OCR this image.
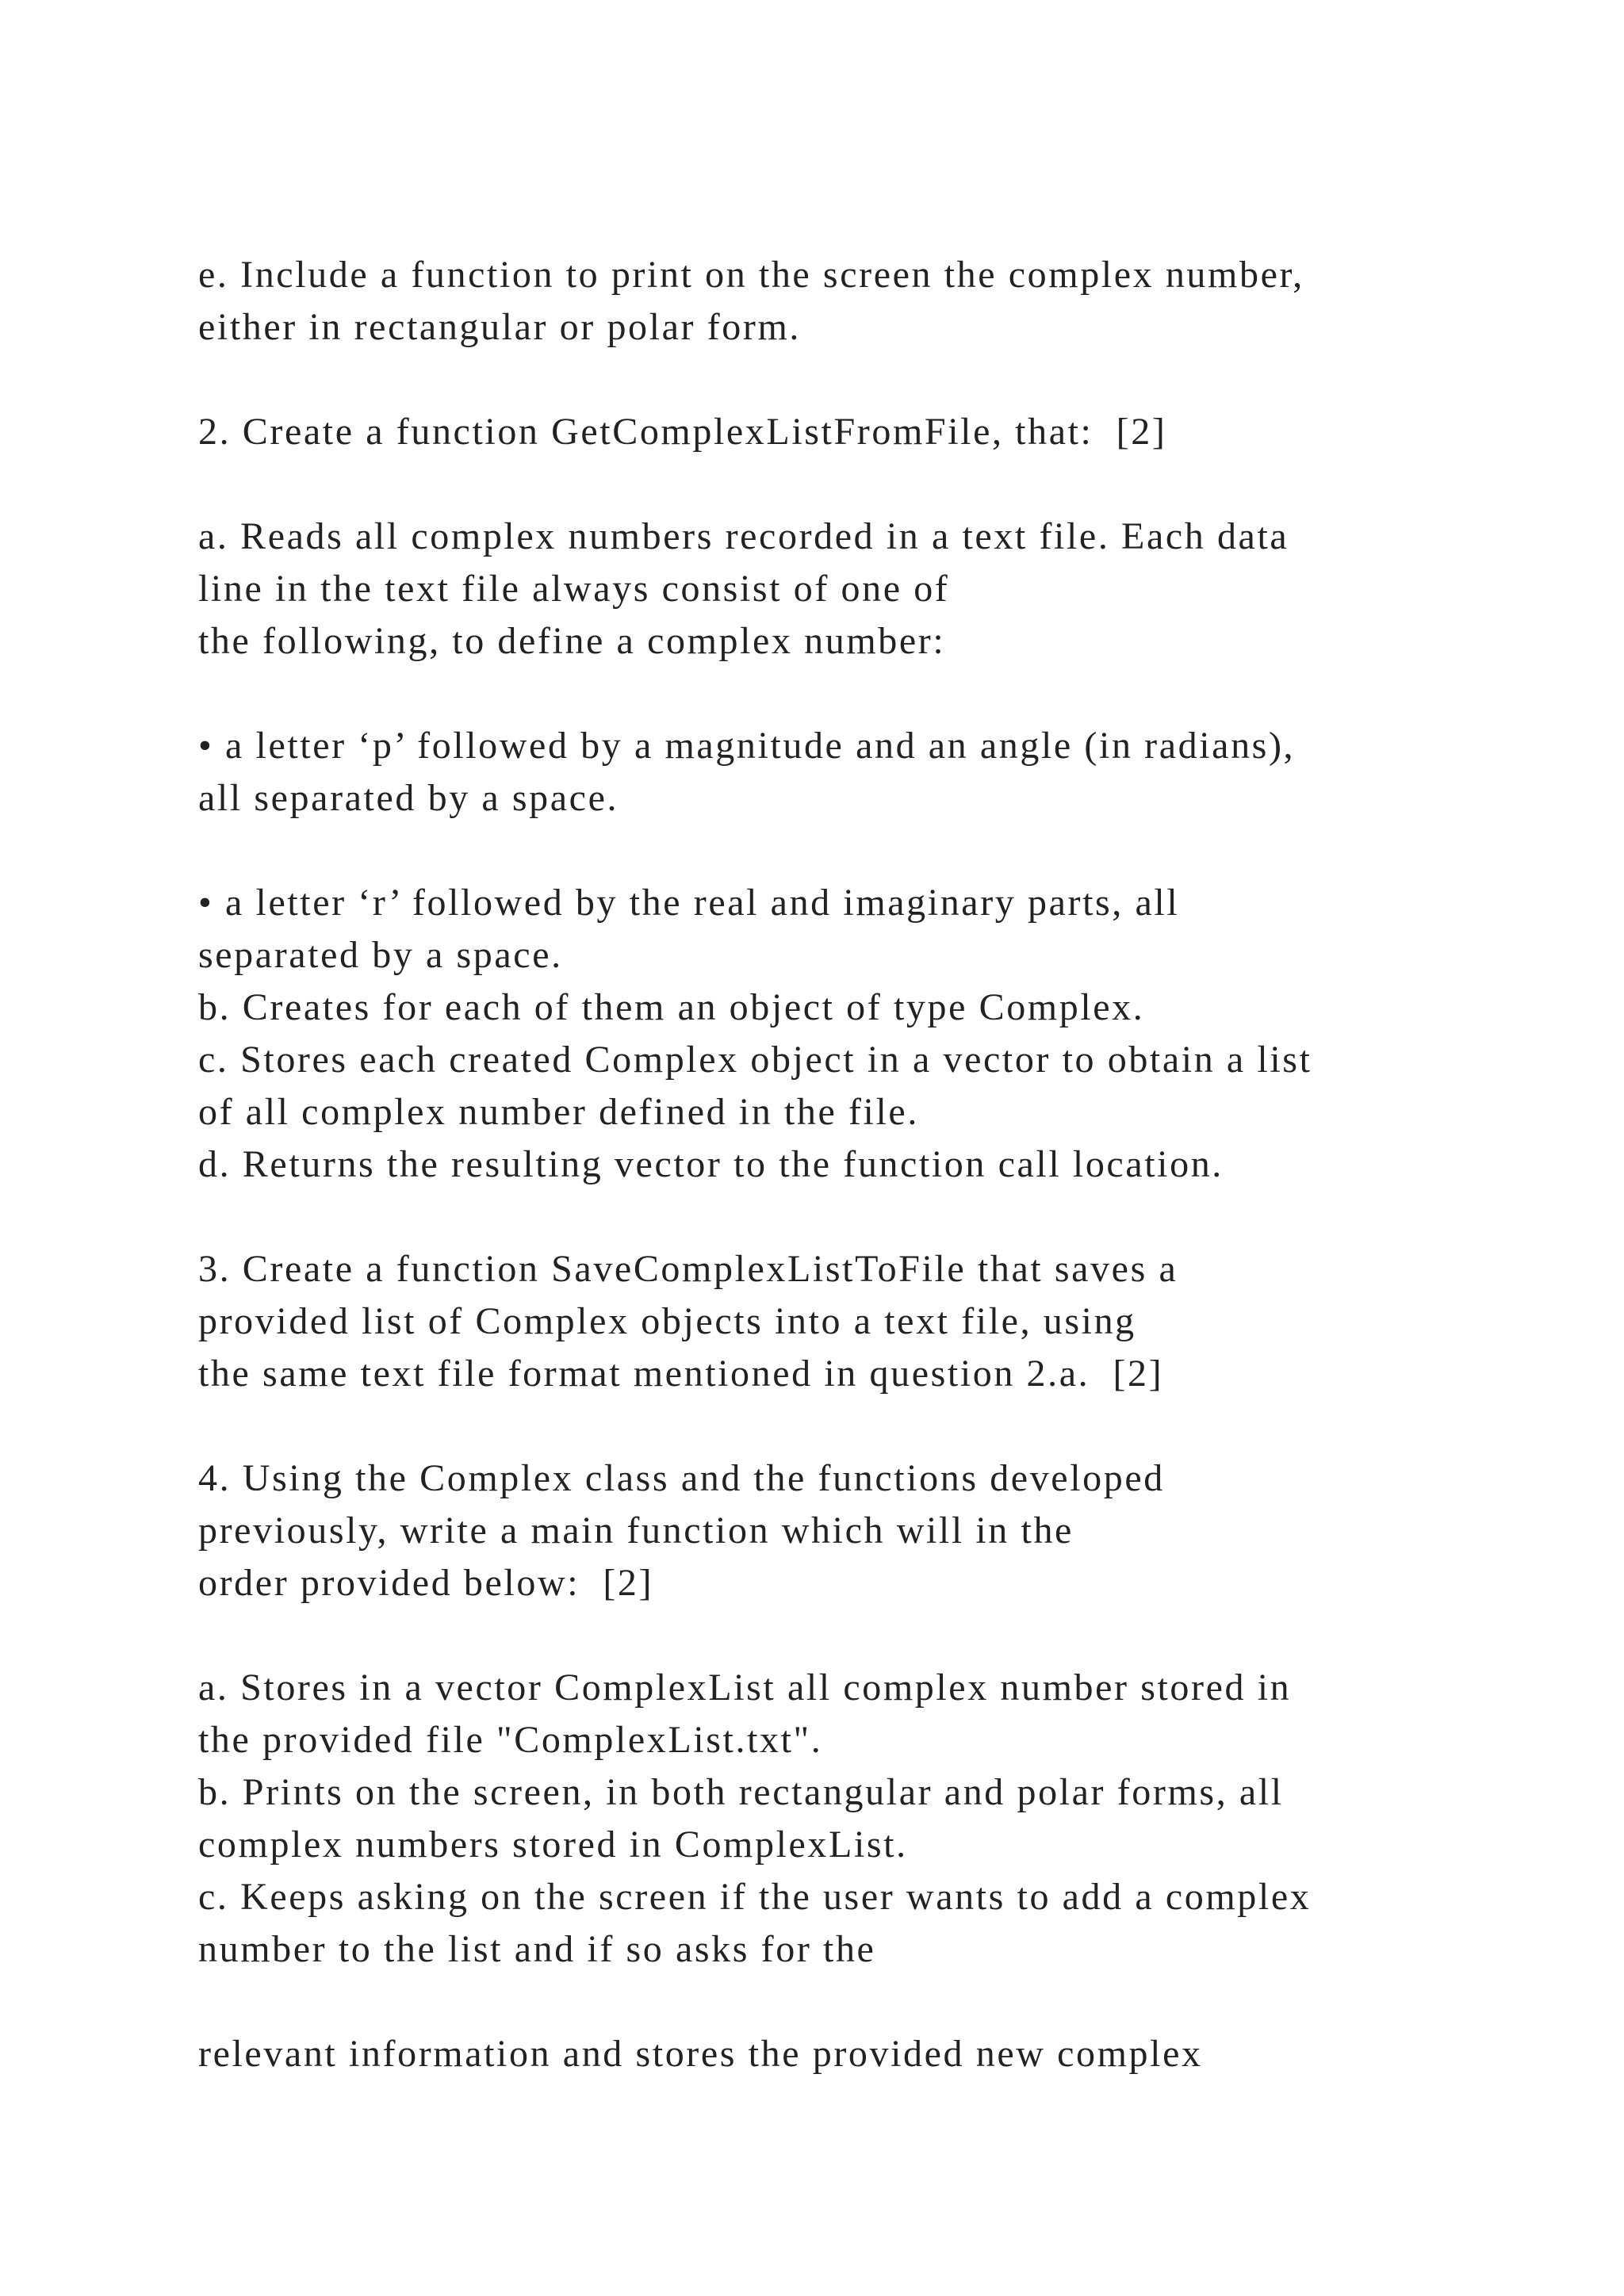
e. Include a function to print on the screen the complex number,
either in rectangular or polar form.
2. Create a function GetComplexListFromFile, that:  [2]
a. Reads all complex numbers recorded in a text file. Each data
line in the text file always consist of one of
the following, to define a complex number:
• a letter ‘p’ followed by a magnitude and an angle (in radians),
all separated by a space.
• a letter ‘r’ followed by the real and imaginary parts, all
separated by a space.
b. Creates for each of them an object of type Complex.
c. Stores each created Complex object in a vector to obtain a list
of all complex number defined in the file.
d. Returns the resulting vector to the function call location.
3. Create a function SaveComplexListToFile that saves a
provided list of Complex objects into a text file, using
the same text file format mentioned in question 2.a.  [2]
4. Using the Complex class and the functions developed
previously, write a main function which will in the
order provided below:  [2]
a. Stores in a vector ComplexList all complex number stored in
the provided file "ComplexList.txt".
b. Prints on the screen, in both rectangular and polar forms, all
complex numbers stored in ComplexList.
c. Keeps asking on the screen if the user wants to add a complex
number to the list and if so asks for the
relevant information and stores the provided new complex
